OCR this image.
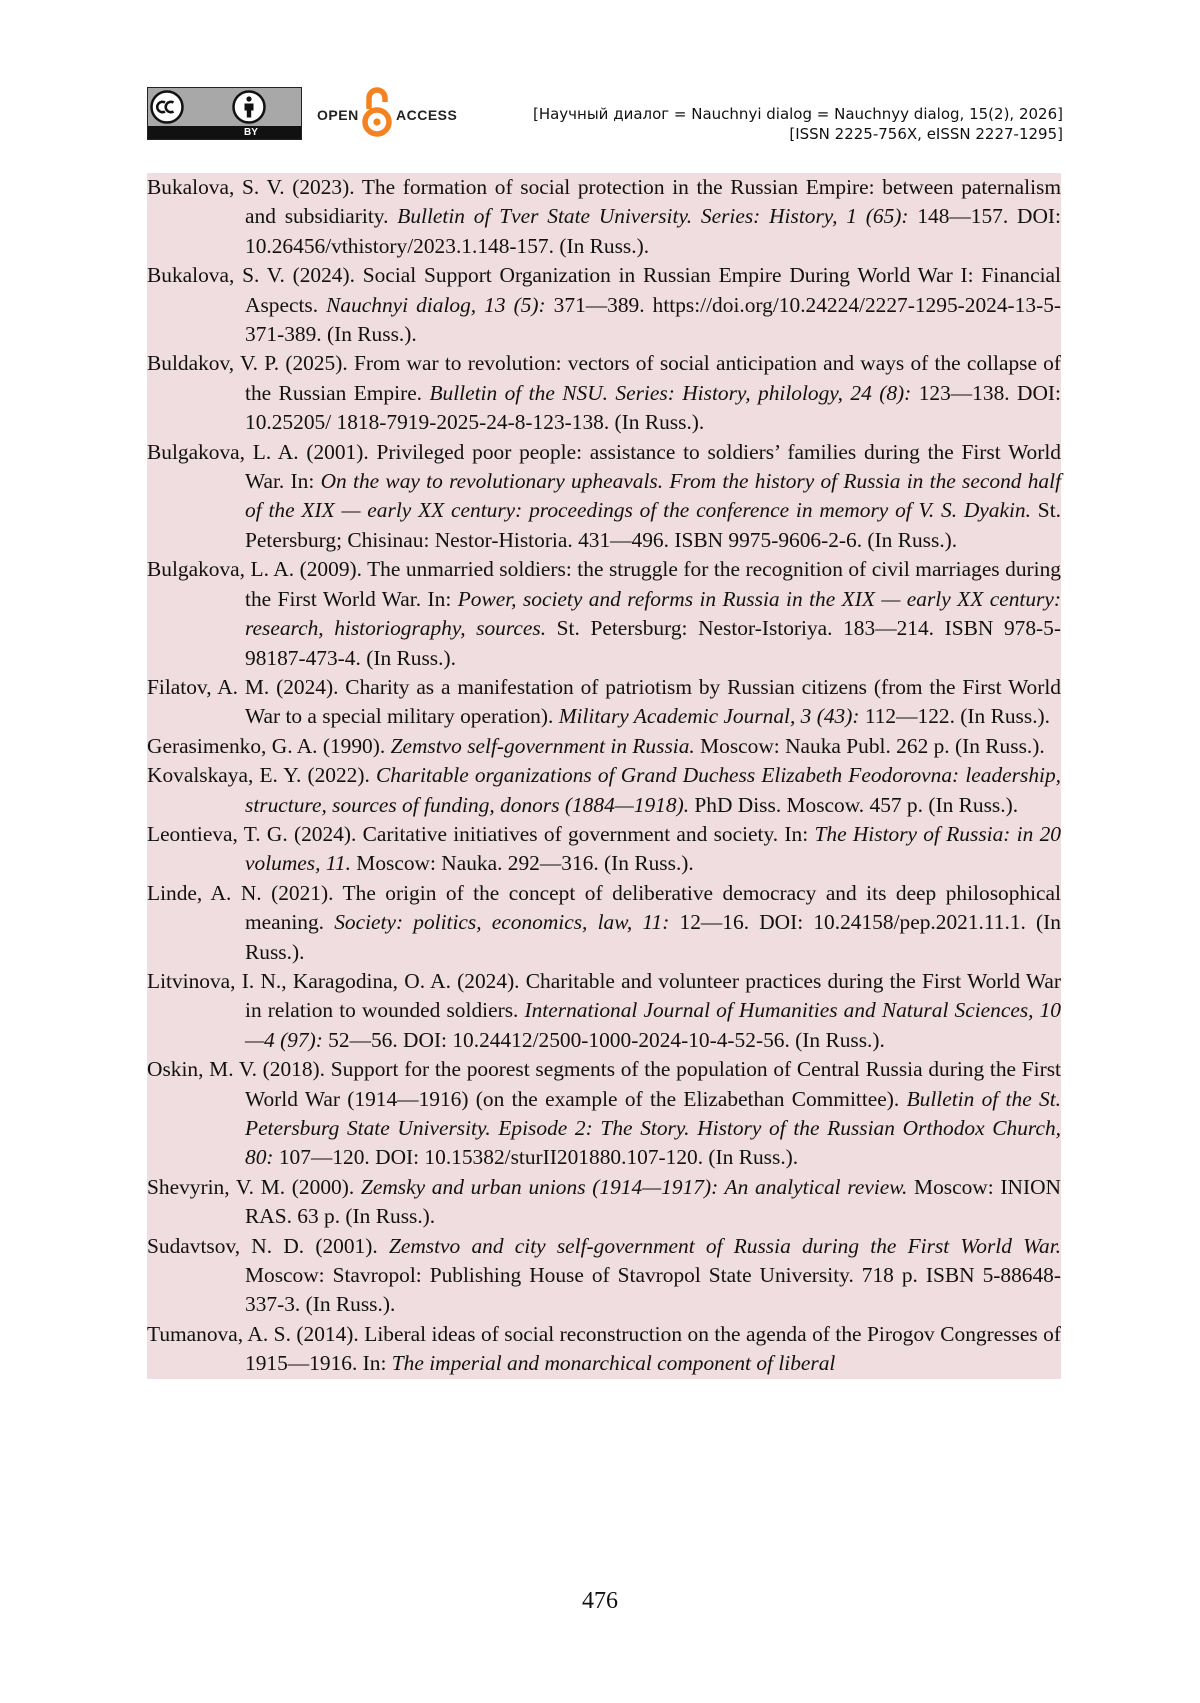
BY
OPEN	ACCESS	[Научный диалог = Nauchnyi dialog = Nauchnyy dialog, 15(2), 2026]
[ISSN 2225-756X, eISSN 2227-1295]

Bukalova, S. V. (2023). The formation of social protection in the Russian Empire: between paternalism and subsidiarity. Bulletin of Tver State University. Series: History, 1 (65): 148—157. DOI: 10.26456/vthistory/2023.1.148-157. (In Russ.).

Bukalova, S. V. (2024). Social Support Organization in Russian Empire During World War I: Financial Aspects. Nauchnyi dialog, 13 (5): 371—389. https://doi.org/10.24224/2227-1295-2024-13-5-371-389. (In Russ.).

Buldakov, V. P. (2025). From war to revolution: vectors of social anticipation and ways of the collapse of the Russian Empire. Bulletin of the NSU. Series: History, philology, 24 (8): 123—138. DOI: 10.25205/ 1818-7919-2025-24-8-123-138. (In Russ.).

Bulgakova, L. A. (2001). Privileged poor people: assistance to soldiers’ families during the First World War. In: On the way to revolutionary upheavals. From the history of Russia in the second half of the XIX — early XX century: proceedings of the conference in memory of V. S. Dyakin. St. Petersburg; Chisinau: Nestor-Historia. 431—496. ISBN 9975-9606-2-6. (In Russ.).

Bulgakova, L. A. (2009). The unmarried soldiers: the struggle for the recognition of civil marriages during the First World War. In: Power, society and reforms in Russia in the XIX — early XX century: research, historiography, sources. St. Petersburg: Nestor-Istoriya. 183—214. ISBN 978-5-98187-473-4. (In Russ.).

Filatov, A. M. (2024). Charity as a manifestation of patriotism by Russian citizens (from the First World War to a special military operation). Military Academic Journal, 3 (43): 112—122. (In Russ.).

Gerasimenko, G. A. (1990). Zemstvo self-government in Russia. Moscow: Nauka Publ. 262 p. (In Russ.).

Kovalskaya, E. Y. (2022). Charitable organizations of Grand Duchess Elizabeth Feodorovna: leadership, structure, sources of funding, donors (1884—1918). PhD Diss. Moscow. 457 p. (In Russ.).

Leontieva, T. G. (2024). Caritative initiatives of government and society. In: The History of Russia: in 20 volumes, 11. Moscow: Nauka. 292—316. (In Russ.).

Linde, A. N. (2021). The origin of the concept of deliberative democracy and its deep philosophical meaning. Society: politics, economics, law, 11: 12—16. DOI: 10.24158/pep.2021.11.1. (In Russ.).

Litvinova, I. N., Karagodina, O. A. (2024). Charitable and volunteer practices during the First World War in relation to wounded soldiers. International Journal of Humanities and Natural Sciences, 10—4 (97): 52—56. DOI: 10.24412/2500-1000-2024-10-4-52-56. (In Russ.).

Oskin, M. V. (2018). Support for the poorest segments of the population of Central Russia during the First World War (1914—1916) (on the example of the Elizabethan Committee). Bulletin of the St. Petersburg State University. Episode 2: The Story. History of the Russian Orthodox Church, 80: 107—120. DOI: 10.15382/sturII201880.107-120. (In Russ.).

Shevyrin, V. M. (2000). Zemsky and urban unions (1914—1917): An analytical review. Moscow: INION RAS. 63 p. (In Russ.).

Sudavtsov, N. D. (2001). Zemstvo and city self-government of Russia during the First World War. Moscow: Stavropol: Publishing House of Stavropol State University. 718 p. ISBN 5-88648-337-3. (In Russ.).

Tumanova, A. S. (2014). Liberal ideas of social reconstruction on the agenda of the Pirogov Congresses of 1915—1916. In: The imperial and monarchical component of liberal

476
